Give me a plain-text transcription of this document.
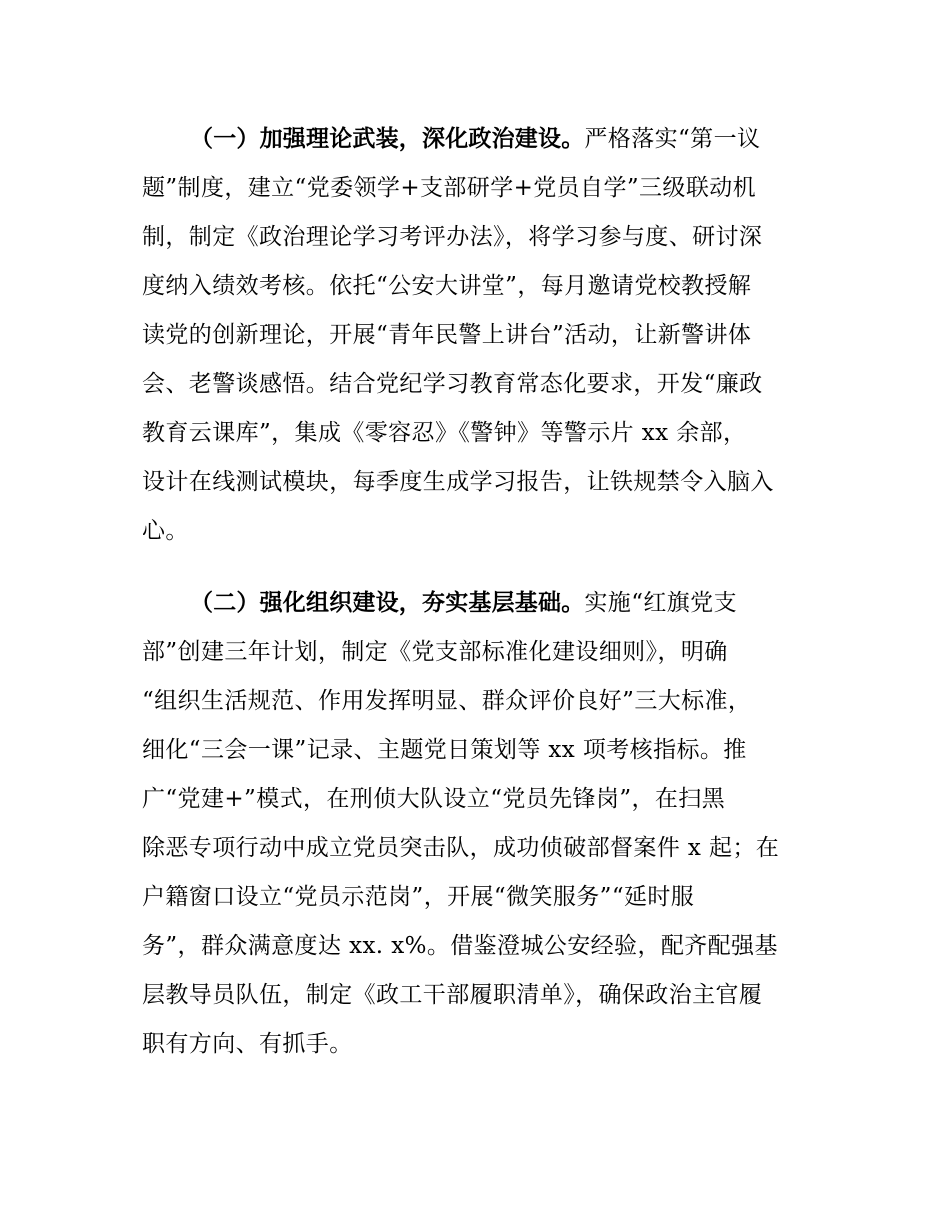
（一）加强理论武装，深化政治建设。严格落实“第一议
题”制度，建立“党委领学+支部研学+党员自学”三级联动机
制，制定《政治理论学习考评办法》，将学习参与度、研讨深
度纳入绩效考核。依托“公安大讲堂”，每月邀请党校教授解
读党的创新理论，开展“青年民警上讲台”活动，让新警讲体
会、老警谈感悟。结合党纪学习教育常态化要求，开发“廉政
教育云课库”，集成《零容忍》《警钟》等警示片 xx 余部，
设计在线测试模块，每季度生成学习报告，让铁规禁令入脑入
心。
（二）强化组织建设，夯实基层基础。实施“红旗党支
部”创建三年计划，制定《党支部标准化建设细则》，明确
“组织生活规范、作用发挥明显、群众评价良好”三大标准，
细化“三会一课”记录、主题党日策划等 xx 项考核指标。推
广“党建+”模式，在刑侦大队设立“党员先锋岗”，在扫黑
除恶专项行动中成立党员突击队，成功侦破部督案件 x 起；在
户籍窗口设立“党员示范岗”，开展“微笑服务”“延时服
务”，群众满意度达 xx. x%。借鉴澄城公安经验，配齐配强基
层教导员队伍，制定《政工干部履职清单》，确保政治主官履
职有方向、有抓手。
